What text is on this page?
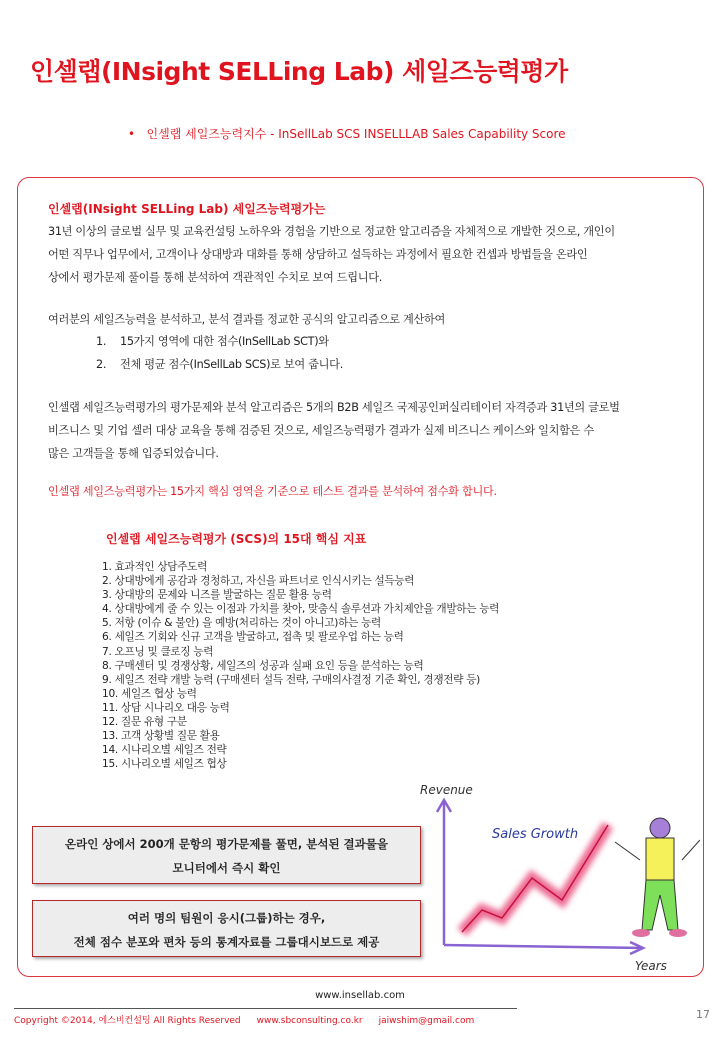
인셀랩(INsight SELLing Lab) 세일즈능력평가
•   인셀랩 세일즈능력지수 - InSellLab SCS INSELLLAB Sales Capability Score
인셀랩(INsight SELLing Lab) 세일즈능력평가는
31년 이상의 글로벌 실무 및 교육컨설팅 노하우와 경험을 기반으로 정교한 알고리즘을 자체적으로 개발한 것으로, 개인이
어떤 직무나 업무에서, 고객이나 상대방과 대화를 통해 상담하고 설득하는 과정에서 필요한 컨셉과 방법들을 온라인
상에서 평가문제 풀이를 통해 분석하여 객관적인 수치로 보여 드립니다.
여러분의 세일즈능력을 분석하고, 분석 결과를 정교한 공식의 알고리즘으로 계산하여
1. 15가지 영역에 대한 점수(InSellLab SCT)와
2. 전체 평균 점수(InSellLab SCS)로 보여 줍니다.
인셀랩 세일즈능력평가의 평가문제와 분석 알고리즘은 5개의 B2B 세일즈 국제공인퍼실리테이터 자격증과 31년의 글로벌
비즈니스 및 기업 셀러 대상 교육을 통해 검증된 것으로, 세일즈능력평가 결과가 실제 비즈니스 케이스와 일치함은 수
많은 고객들을 통해 입증되었습니다.
인셀랩 세일즈능력평가는 15가지 핵심 영역을 기준으로 테스트 결과를 분석하여 점수화 합니다.
인셀랩 세일즈능력평가 (SCS)의 15대 핵심 지표
1. 효과적인 상담주도력
2. 상대방에게 공감과 경청하고, 자신을 파트너로 인식시키는 설득능력
3. 상대방의 문제와 니즈를 발굴하는 질문 활용 능력
4. 상대방에게 줄 수 있는 이점과 가치를 찾아, 맞춤식 솔루션과 가치제안을 개발하는 능력
5. 저항 (이슈 & 불안) 을 예방(처리하는 것이 아니고)하는 능력
6. 세일즈 기회와 신규 고객을 발굴하고, 접촉 및 팔로우업 하는 능력
7. 오프닝 및 클로징 능력
8. 구매센터 및 경쟁상황, 세일즈의 성공과 실패 요인 등을 분석하는 능력
9. 세일즈 전략 개발 능력 (구매센터 설득 전략, 구매의사결정 기준 확인, 경쟁전략 등)
10. 세일즈 협상 능력
11. 상담 시나리오 대응 능력
12. 질문 유형 구분
13. 고객 상황별 질문 활용
14. 시나리오별 세일즈 전략
15. 시나리오별 세일즈 협상
온라인 상에서 200개 문항의 평가문제를 풀면, 분석된 결과물을
모니터에서 즉시 확인
여러 명의 팀원이 응시(그룹)하는 경우,
전체 점수 분포와 편차 등의 통계자료를 그룹대시보드로 제공
Revenue
Years
Sales Growth
www.insellab.com
Copyright ©2014, 에스비컨설팅 All Rights Reserved www.sbconsulting.co.kr jaiwshim@gmail.com	17
